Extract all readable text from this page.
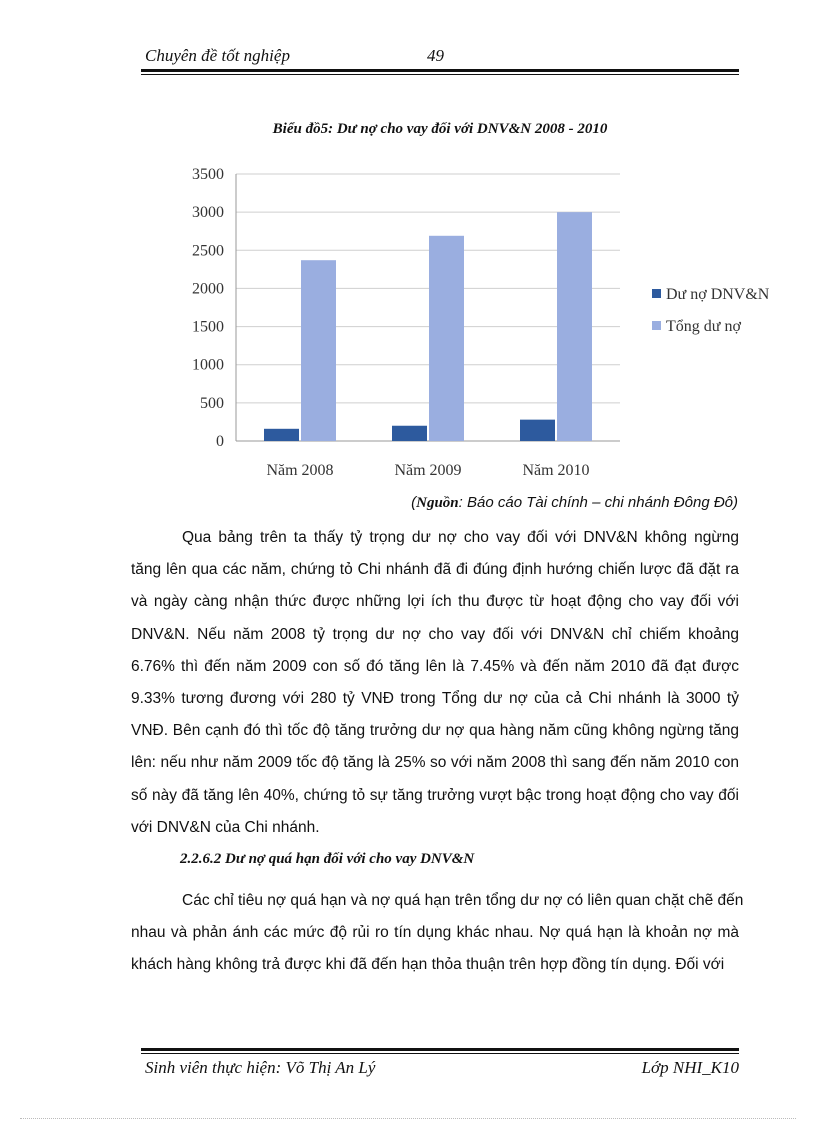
Chuyên đề tốt nghiệp	49
Biểu đồ5: Dư nợ cho vay đối với DNV&N 2008 - 2010
0
500
1000
1500
2000
2500
3000
3500
Năm 2008	Năm 2009	Năm 2010
Dư nợ DNV&N
Tổng dư nợ
(Nguồn: Báo cáo Tài chính – chi nhánh Đông Đô)

Qua bảng trên ta thấy tỷ trọng dư nợ cho vay đối với DNV&N không ngừng
tăng lên qua các năm, chứng tỏ Chi nhánh đã đi đúng định hướng chiến lược đã đặt ra
và ngày càng nhận thức được những lợi ích thu được từ hoạt động cho vay đối với
DNV&N. Nếu năm 2008 tỷ trọng dư nợ cho vay đối với DNV&N chỉ chiếm khoảng
6.76% thì đến năm 2009 con số đó tăng lên là 7.45% và đến năm 2010 đã đạt được
9.33% tương đương với 280 tỷ VNĐ trong Tổng dư nợ của cả Chi nhánh là 3000 tỷ
VNĐ. Bên cạnh đó thì tốc độ tăng trưởng dư nợ qua hàng năm cũng không ngừng tăng
lên: nếu như năm 2009 tốc độ tăng là 25% so với năm 2008 thì sang đến năm 2010 con
số này đã tăng lên 40%, chứng tỏ sự tăng trưởng vượt bậc trong hoạt động cho vay đối
với DNV&N của Chi nhánh.

2.2.6.2 Dư nợ quá hạn đối với cho vay DNV&N

Các chỉ tiêu nợ quá hạn và nợ quá hạn trên tổng dư nợ có liên quan chặt chẽ đến
nhau và phản ánh các mức độ rủi ro tín dụng khác nhau. Nợ quá hạn là khoản nợ mà
khách hàng không trả được khi đã đến hạn thỏa thuận trên hợp đồng tín dụng. Đối với

Sinh viên thực hiện: Võ Thị An Lý	Lớp NHI_K10
